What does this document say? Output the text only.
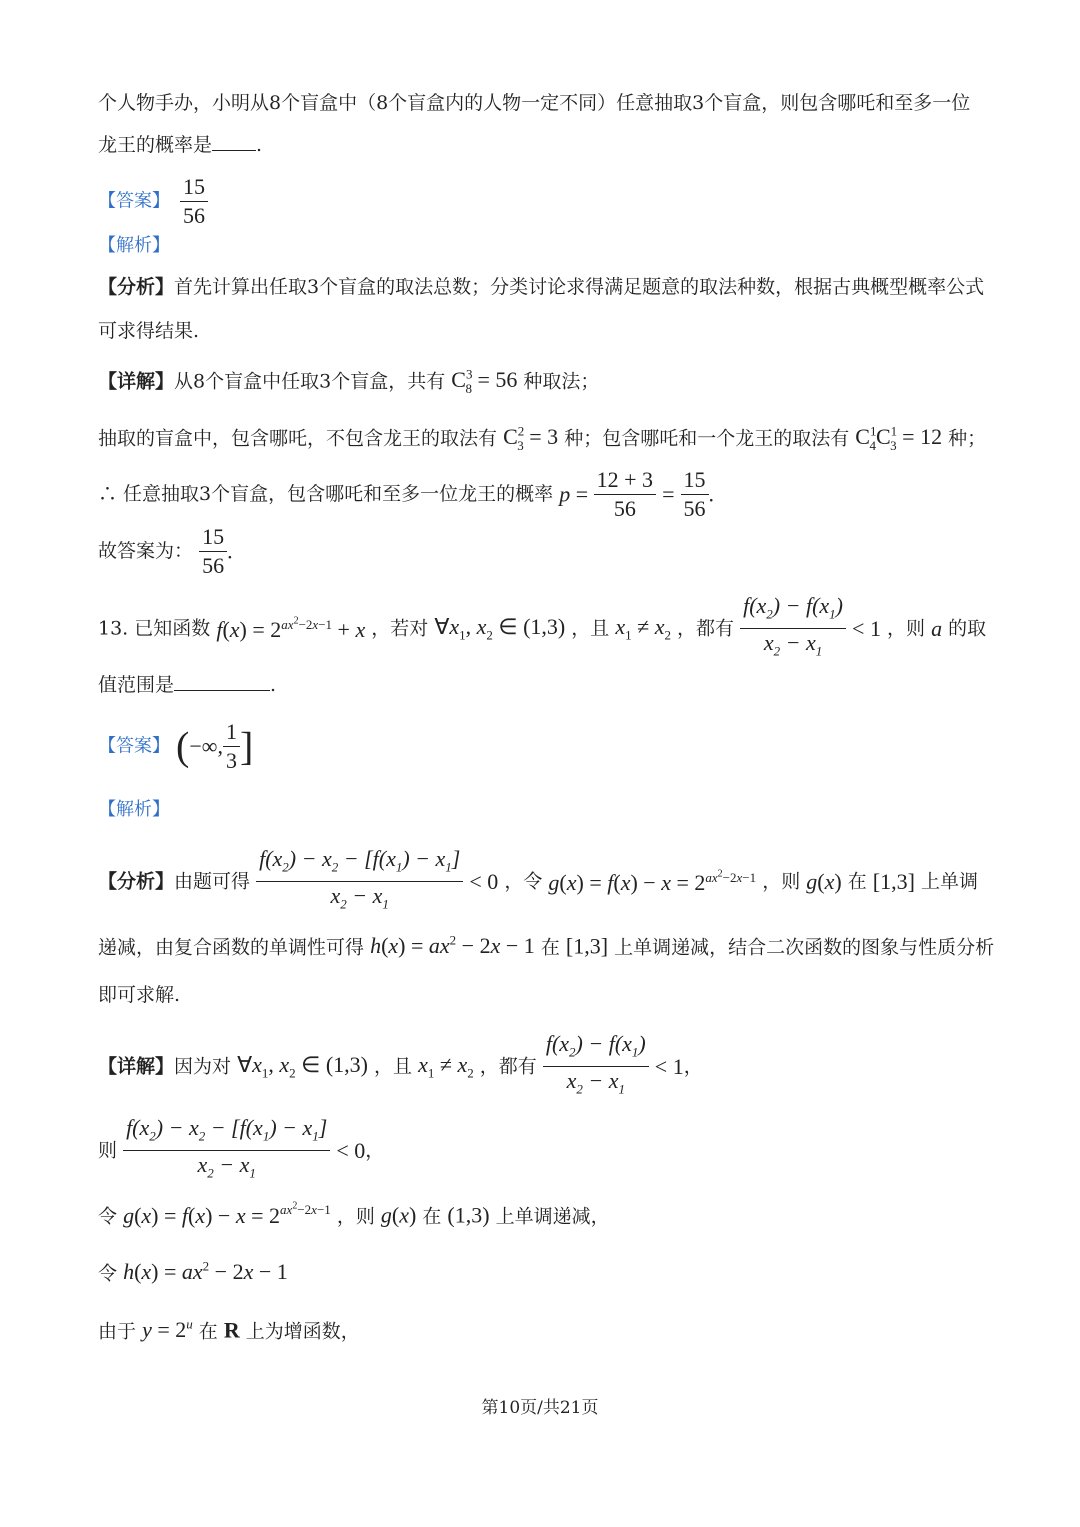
个人物手办，小明从8个盲盒中（8个盲盒内的人物一定不同）任意抽取3个盲盒，则包含哪吒和至多一位
龙王的概率是 .
【答案】 $\frac{15}{56}$
【解析】
【分析】首先计算出任取3个盲盒的取法总数；分类讨论求得满足题意的取法种数，根据古典概型概率公式
可求得结果.
【详解】从8个盲盒中任取3个盲盒，共有 $C^3_8 = 56$ 种取法；
抽取的盲盒中，包含哪吒，不包含龙王的取法有 $C^2_3 = 3$ 种；包含哪吒和一个龙王的取法有 $C^1_4C^1_3 = 12$ 种；
∴ 任意抽取3个盲盒，包含哪吒和至多一位龙王的概率 $p = \frac{12 + 3}{56} = \frac{15}{56}$ .
故答案为： $\frac{15}{56}$ .
13. 已知函数 $f(x) = 2^{ax^2-2x-1} + x$ ，若对 $\forall x_1$, $x_2$ ∈ (1,3) ，且 $x_1 \ne x_2$ ，都有 $\frac{f(x_2) - f(x_1)}{x_2 - x_1} < 1$ ，则 a 的取
值范围是	.
【答案】 (−∞, $\frac{1}{3}$ ]
【解析】
【分析】由题可得 $\frac{f(x_2) - x_2 - [f(x_1) - x_1]}{x_2 - x_1} < 0$ ，令 $g(x) = f(x) - x = 2^{ax^2-2x-1}$ ，则 g(x) 在 [1,3] 上单调
递减，由复合函数的单调性可得 $h(x) = ax^2 - 2x - 1$ 在 [1,3] 上单调递减，结合二次函数的图象与性质分析
即可求解.
【详解】因为对 $\forall x_1$, $x_2$ ∈ (1,3) ，且 $x_1 \ne x_2$ ，都有 $\frac{f(x_2) - f(x_1)}{x_2 - x_1} < 1$，
则 $\frac{f(x_2) - x_2 - [f(x_1) - x_1]}{x_2 - x_1} < 0$，
令 $g(x) = f(x) - x = 2^{ax^2-2x-1}$ ，则 g(x) 在 (1,3) 上单调递减，
令 $h(x) = ax^2 - 2x - 1$
由于 $y = 2^u$ 在 R 上为增函数，
第10页/共21页
